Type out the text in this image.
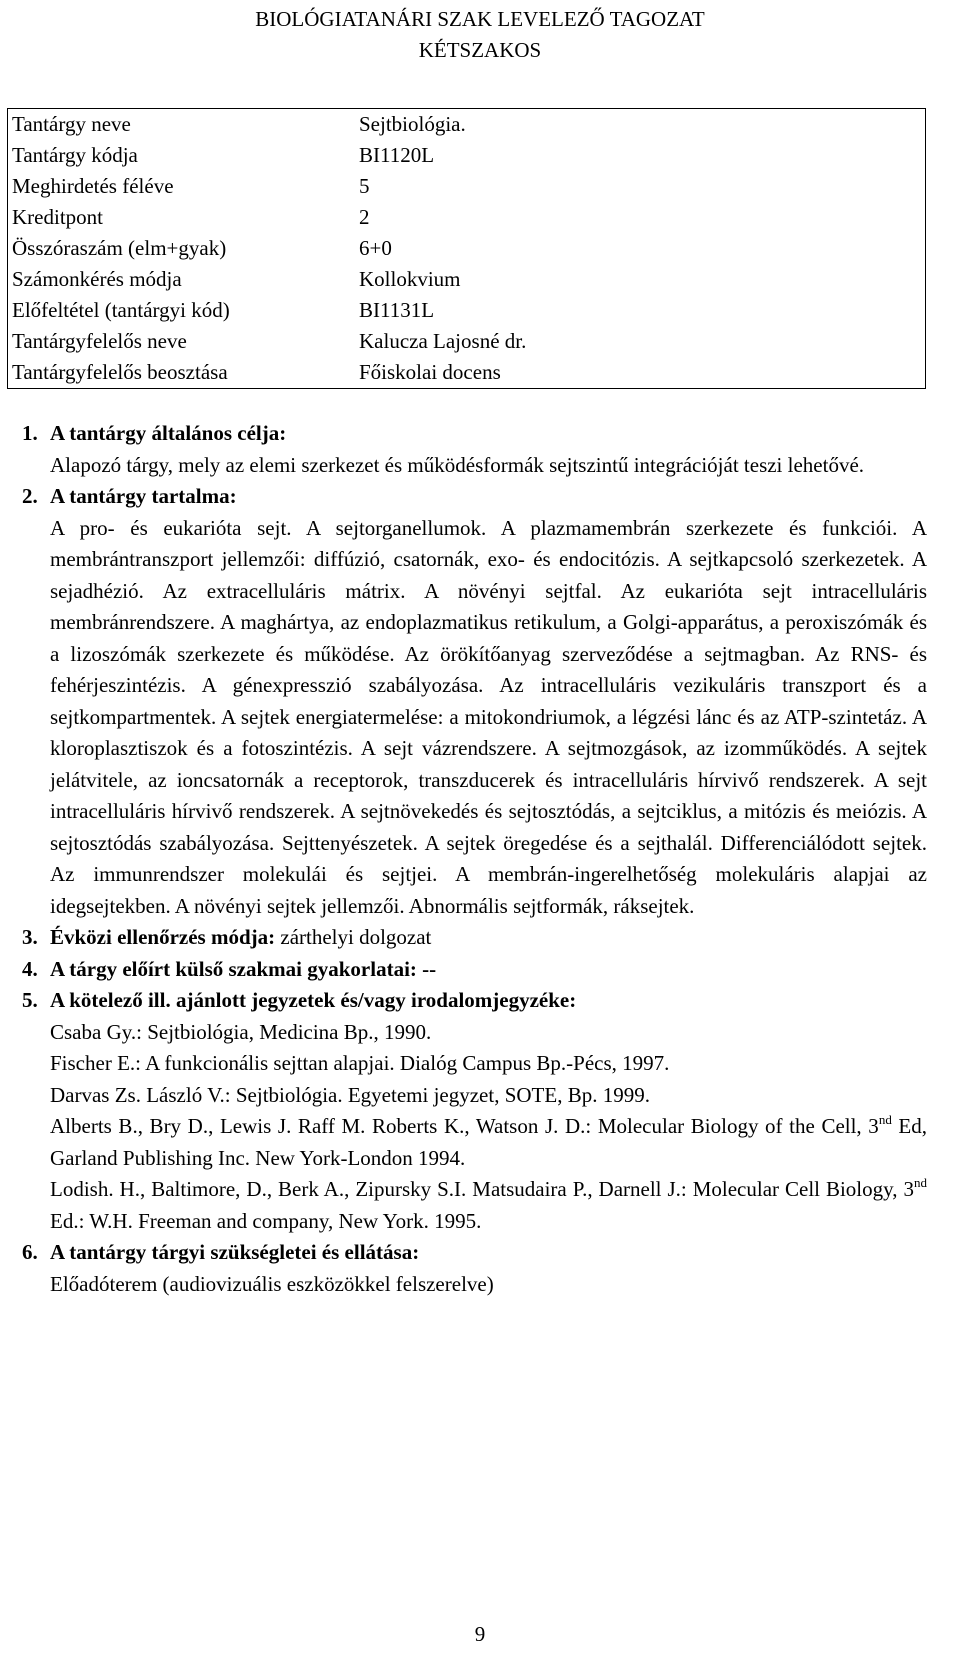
BIOLÓGIATANÁRI SZAK LEVELEZŐ TAGOZAT
KÉTSZAKOS
Tantárgy neve	Sejtbiológia.
Tantárgy kódja	BI1120L
Meghirdetés féléve	5
Kreditpont	2
Összóraszám (elm+gyak)	6+0
Számonkérés módja	Kollokvium
Előfeltétel (tantárgyi kód)	BI1131L
Tantárgyfelelős neve	Kalucza Lajosné dr.
Tantárgyfelelős beosztása	Főiskolai docens
1. A tantárgy általános célja:
Alapozó tárgy, mely az elemi szerkezet és működésformák sejtszintű integrációját teszi lehetővé.
2. A tantárgy tartalma:
A pro- és eukarióta sejt. A sejtorganellumok. A plazmamembrán szerkezete és funkciói. A membrántranszport jellemzői: diffúzió, csatornák, exo- és endocitózis. A sejtkapcsoló szerkezetek. A sejadhézió. Az extracelluláris mátrix. A növényi sejtfal. Az eukarióta sejt intracelluláris membránrendszere. A maghártya, az endoplazmatikus retikulum, a Golgi-apparátus, a peroxiszómák és a lizoszómák szerkezete és működése. Az örökítőanyag szerveződése a sejtmagban. Az RNS- és fehérjeszintézis. A génexpresszió szabályozása. Az intracelluláris vezikuláris transzport és a sejtkompartmentek. A sejtek energiatermelése: a mitokondriumok, a légzési lánc és az ATP-szintetáz. A kloroplasztiszok és a fotoszintézis. A sejt vázrendszere. A sejtmozgások, az izomműködés. A sejtek jelátvitele, az ioncsatornák a receptorok, transzducerek és intracelluláris hírvivő rendszerek. A sejt intracelluláris hírvivő rendszerek. A sejtnövekedés és sejtosztódás, a sejtciklus, a mitózis és meiózis. A sejtosztódás szabályozása. Sejttenyészetek. A sejtek öregedése és a sejthalál. Differenciálódott sejtek. Az immunrendszer molekulái és sejtjei. A membrán-ingerelhetőség molekuláris alapjai az idegsejtekben. A növényi sejtek jellemzői. Abnormális sejtformák, ráksejtek.
3. Évközi ellenőrzés módja: zárthelyi dolgozat
4. A tárgy előírt külső szakmai gyakorlatai: --
5. A kötelező ill. ajánlott jegyzetek és/vagy irodalomjegyzéke:
Csaba Gy.: Sejtbiológia, Medicina Bp., 1990.
Fischer E.: A funkcionális sejttan alapjai. Dialóg Campus Bp.-Pécs, 1997.
Darvas Zs. László V.: Sejtbiológia. Egyetemi jegyzet, SOTE, Bp. 1999.
Alberts B., Bry D., Lewis J. Raff M. Roberts K., Watson J. D.: Molecular Biology of the Cell, 3nd Ed, Garland Publishing Inc. New York-London 1994.
Lodish. H., Baltimore, D., Berk A., Zipursky S.I. Matsudaira P., Darnell J.: Molecular Cell Biology, 3nd Ed.: W.H. Freeman and company, New York. 1995.
6. A tantárgy tárgyi szükségletei és ellátása:
Előadóterem (audiovizuális eszközökkel felszerelve)
9
